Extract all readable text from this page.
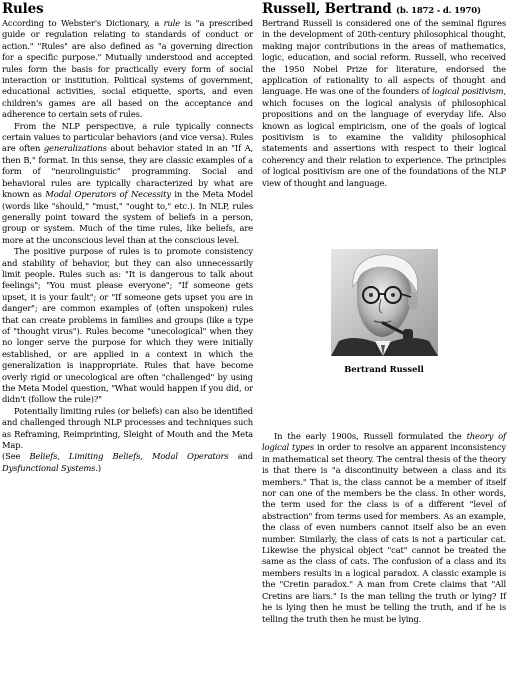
Rules

According to Webster's Dictionary, a rule is "a prescribed guide or regulation relating to standards of conduct or action." "Rules" are also defined as "a governing direction for a specific purpose." Mutually understood and accepted rules form the basis for practically every form of social interaction or institution. Political systems of government, educational activities, social etiquette, sports, and even children's games are all based on the acceptance and adherence to certain sets of rules.

From the NLP perspective, a rule typically connects certain values to particular behaviors (and vice versa). Rules are often generalizations about behavior stated in an "If A, then B," format. In this sense, they are classic examples of a form of "neurolinguistic" programming. Social and behavioral rules are typically characterized by what are known as Modal Operators of Necessity in the Meta Model (words like "should," "must," "ought to," etc.). In NLP, rules generally point toward the system of beliefs in a person, group or system. Much of the time rules, like beliefs, are more at the unconscious level than at the conscious level.

The positive purpose of rules is to promote consistency and stability of behavior, but they can also unnecessarily limit people. Rules such as: "It is dangerous to talk about feelings"; "You must please everyone"; "If someone gets upset, it is your fault"; or "If someone gets upset you are in danger"; are common examples of (often unspoken) rules that can create problems in families and groups (like a type of "thought virus"). Rules become "unecological" when they no longer serve the purpose for which they were initially established, or are applied in a context in which the generalization is inappropriate. Rules that have become overly rigid or unecological are often "challenged" by using the Meta Model question, "What would happen if you did, or didn't (follow the rule)?"

Potentially limiting rules (or beliefs) can also be identified and challenged through NLP processes and techniques such as Reframing, Reimprinting, Sleight of Mouth and the Meta Map.

(See Beliefs, Limiting Beliefs, Modal Operators and Dysfunctional Systems.)

Russell, Bertrand (b. 1872 - d. 1970)

Bertrand Russell is considered one of the seminal figures in the development of 20th-century philosophical thought, making major contributions in the areas of mathematics, logic, education, and social reform. Russell, who received the 1950 Nobel Prize for literature, endorsed the application of rationality to all aspects of thought and language. He was one of the founders of logical positivism, which focuses on the logical analysis of philosophical propositions and on the language of everyday life. Also known as logical empiricism, one of the goals of logical positivism is to examine the validity philosophical statements and assertions with respect to their logical coherency and their relation to experience. The principles of logical positivism are one of the foundations of the NLP view of thought and language.

Bertrand Russell

In the early 1900s, Russell formulated the theory of logical types in order to resolve an apparent inconsistency in mathematical set theory. The central thesis of the theory is that there is "a discontinuity between a class and its members." That is, the class cannot be a member of itself nor can one of the members be the class. In other words, the term used for the class is of a different "level of abstraction" from terms used for members. As an example, the class of even numbers cannot itself also be an even number. Similarly, the class of cats is not a particular cat. Likewise the physical object "cat" cannot be treated the same as the class of cats. The confusion of a class and its members results in a logical paradox. A classic example is the "Cretin paradox." A man from Crete claims that "All Cretins are liars." Is the man telling the truth or lying? If he is lying then he must be telling the truth, and if he is telling the truth then he must be lying.
